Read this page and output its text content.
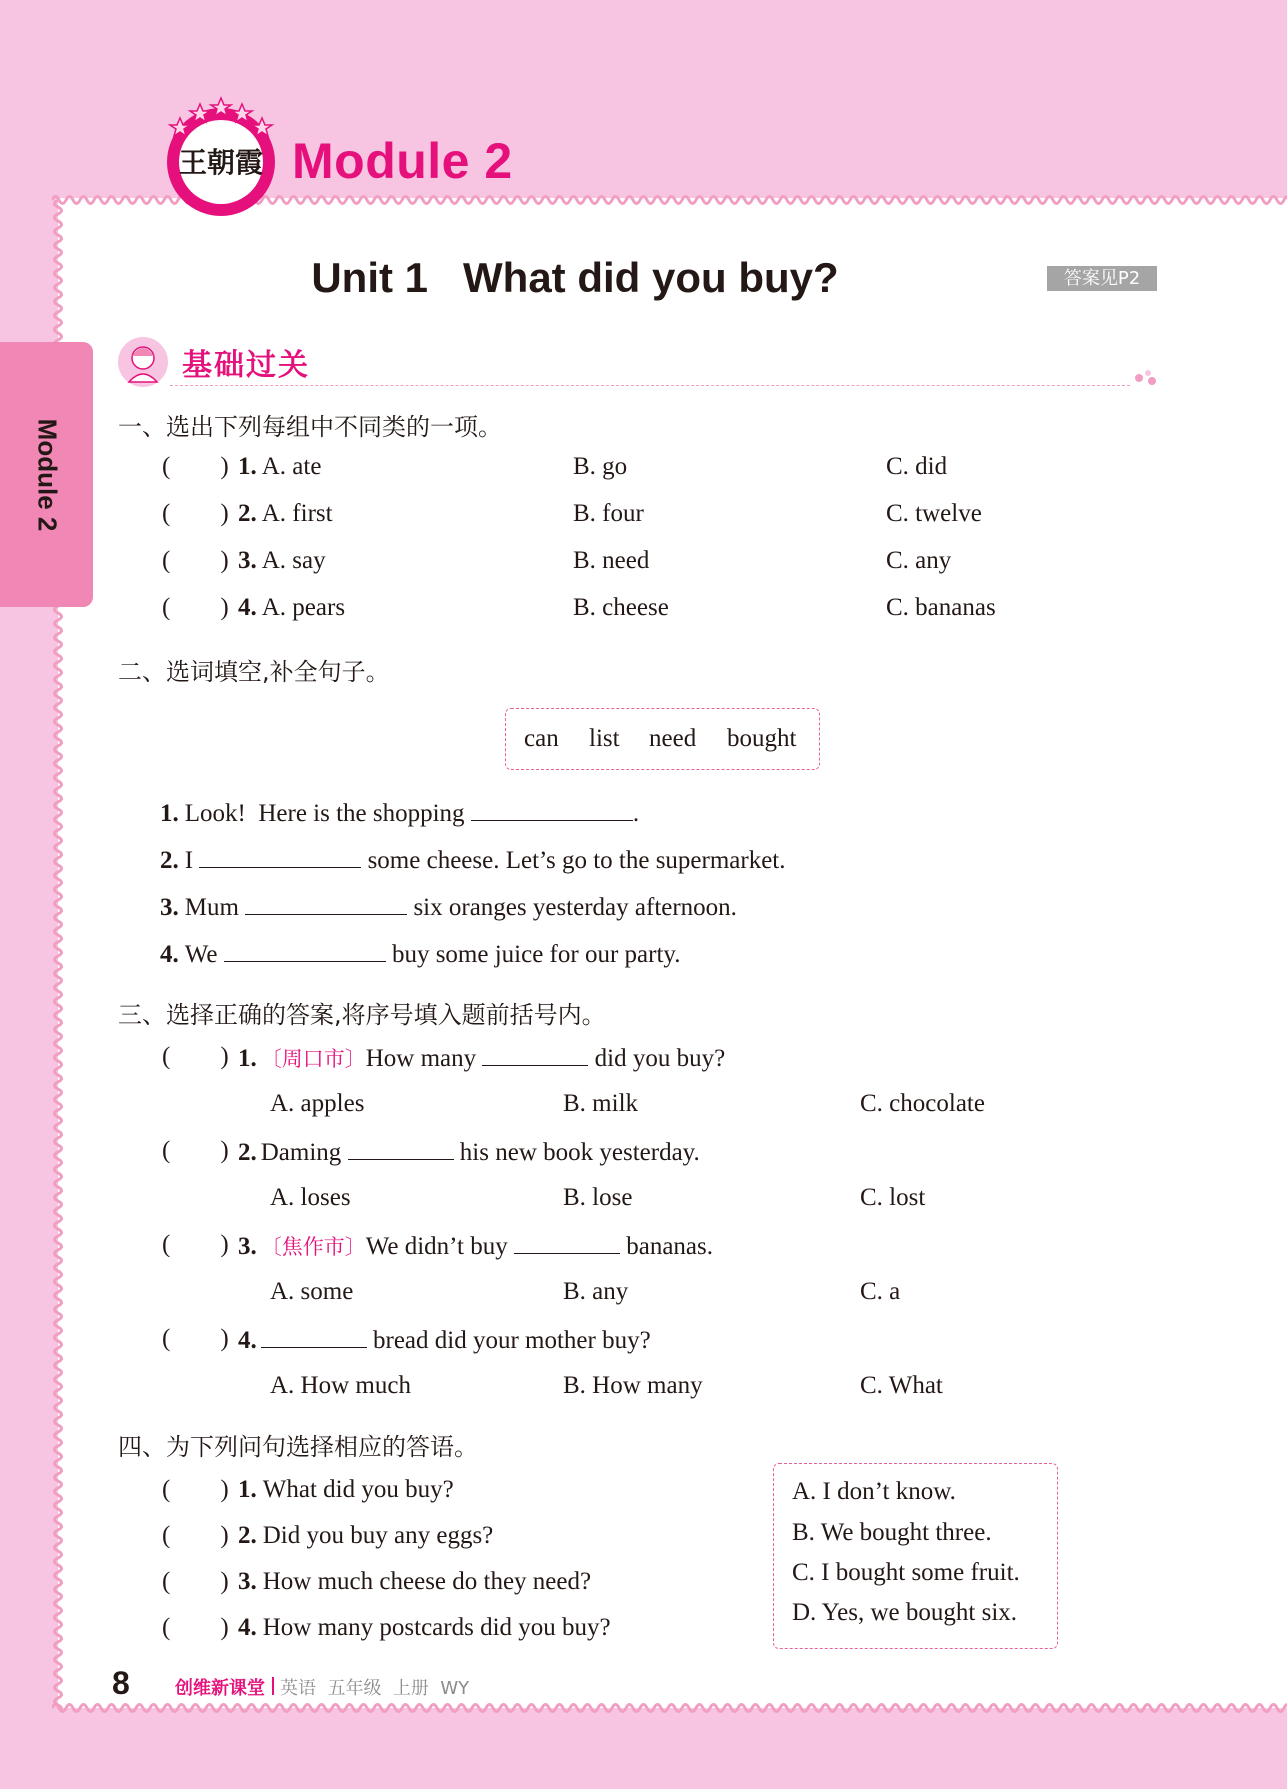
王朝霞 Module 2
Module 2
Unit 1   What did you buy?	答案见P2
基础过关
一、选出下列每组中不同类的一项。
(        ) 1. A. ate	B. go	C. did
(        ) 2. A. first	B. four	C. twelve
(        ) 3. A. say	B. need	C. any
(        ) 4. A. pears	B. cheese	C. bananas
二、选词填空,补全句子。
can list need bought
1. Look!  Here is the shopping	.
2. I	some cheese. Let’s go to the supermarket.
3. Mum	six oranges yesterday afternoon.
4. We	buy some juice for our party.
三、选择正确的答案,将序号填入题前括号内。
(        ) 1. 〔周口市〕How many	did you buy?
A. apples	B. milk	C. chocolate
(        ) 2. Daming	his new book yesterday.
A. loses	B. lose	C. lost
(        ) 3. 〔焦作市〕We didn’t buy	bananas.
A. some	B. any	C. a
(        ) 4.	bread did your mother buy?
A. How much	B. How many	C. What
四、为下列问句选择相应的答语。
(        ) 1. What did you buy?
(        ) 2. Did you buy any eggs?
(        ) 3. How much cheese do they need?
(        ) 4. How many postcards did you buy?
A. I don’t know.
B. We bought three.
C. I bought some fruit.
D. Yes, we bought six.
8	创维新课堂 英语  五年级  上册  WY
